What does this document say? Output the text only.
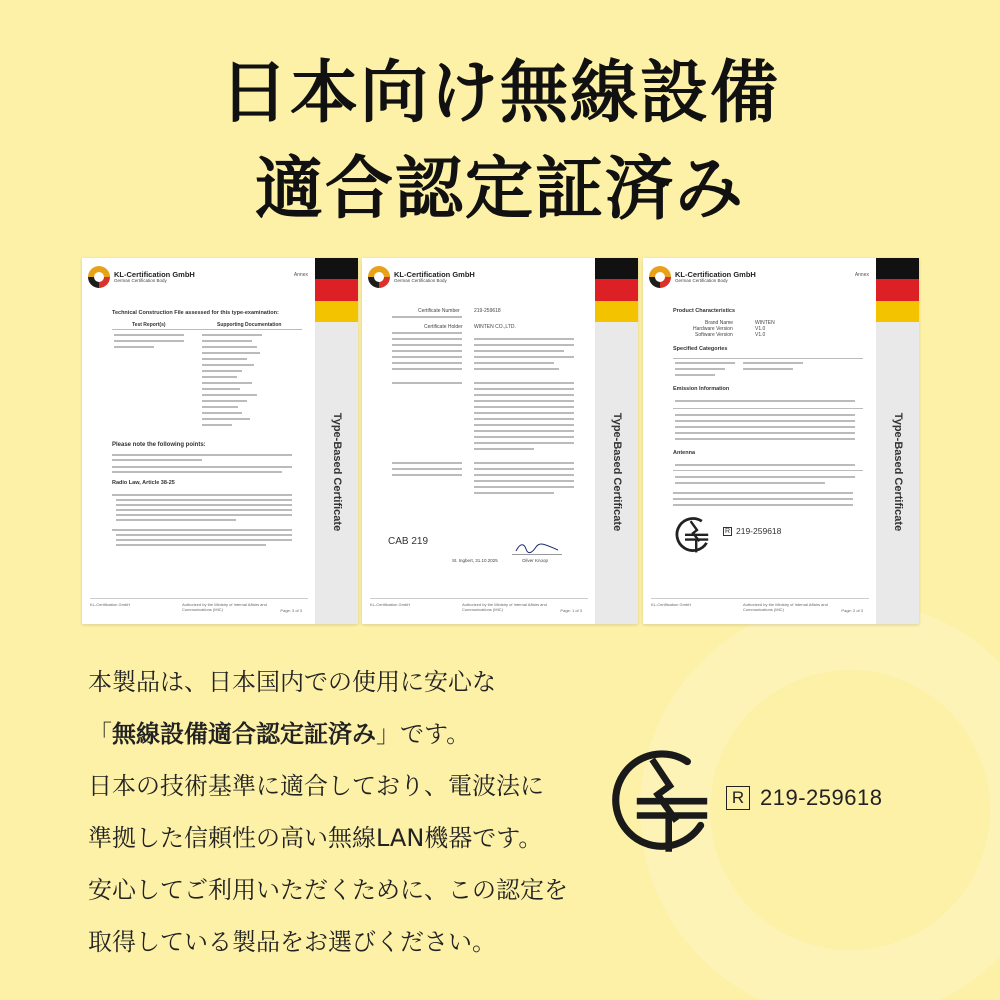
日本向け無線設備
適合認定証済み
KL-Certification GmbH
German Certification Body
Annex
Type-Based Certificate
Technical Construction File assessed for this type-examination:
Test Report(s)	Supporting Documentation
Please note the following points:
Radio Law, Article 38-25
KL-Certification GmbH	Authorized by the Ministry of Internal Affairs and Communications (MIC)	Page: 3 of 3
KL-Certification GmbH
German Certification Body
Type-Based Certificate
Certificate Number	219-259618
Certificate Holder WINTEN CO.,LTD.
CAB 219
St. Ingbert, 31.10.2025	Oliver Knoop
KL-Certification GmbH	Authorized by the Ministry of Internal Affairs and Communications (MIC)	Page: 1 of 3
KL-Certification GmbH
German Certification Body
Annex
Type-Based Certificate
Product Characteristics
Brand Name	WINTEN
Hardware Version	V1.0
Software Version	V1.0
Specified Categories
Emission Information
Antenna
R 219-259618
KL-Certification GmbH	Authorized by the Ministry of Internal Affairs and Communications (MIC)	Page: 2 of 3
本製品は、日本国内での使用に安心な
「無線設備適合認定証済み」です。
日本の技術基準に適合しており、電波法に
準拠した信頼性の高い無線LAN機器です。
安心してご利用いただくために、この認定を
取得している製品をお選びください。
R 219-259618
